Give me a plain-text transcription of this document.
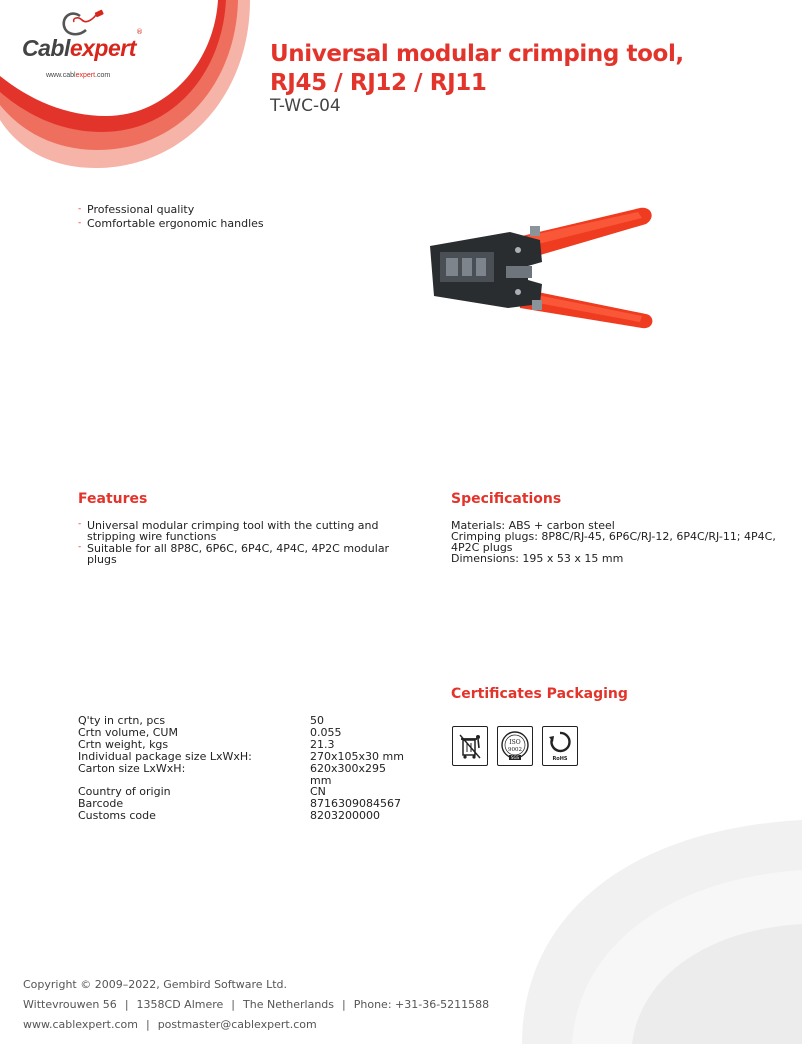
Cablexpert
®
www.cablexpert.com
Universal modular crimping tool, RJ45 / RJ12 / RJ11
T-WC-04
- Professional quality
- Comfortable ergonomic handles
Features
- Universal modular crimping tool with the cutting and stripping wire functions
- Suitable for all 8P8C, 6P6C, 6P4C, 4P4C, 4P2C modular plugs
Specifications
Materials: ABS + carbon steel
Crimping plugs: 8P8C/RJ-45, 6P6C/RJ-12, 6P4C/RJ-11; 4P4C, 4P2C plugs
Dimensions: 195 x 53 x 15 mm
Certificates Packaging
ISO
9002
SGS	RoHS
Q'ty in crtn, pcs	50
Crtn volume, CUM	0.055
Crtn weight, kgs	21.3
Individual package size LxWxH:	270x105x30 mm
Carton size LxWxH:	620x300x295 mm
Country of origin	CN
Barcode	8716309084567
Customs code	8203200000
Copyright © 2009–2022, Gembird Software Ltd.
Wittevrouwen 56 | 1358CD Almere | The Netherlands | Phone: +31-36-5211588
www.cablexpert.com | postmaster@cablexpert.com
